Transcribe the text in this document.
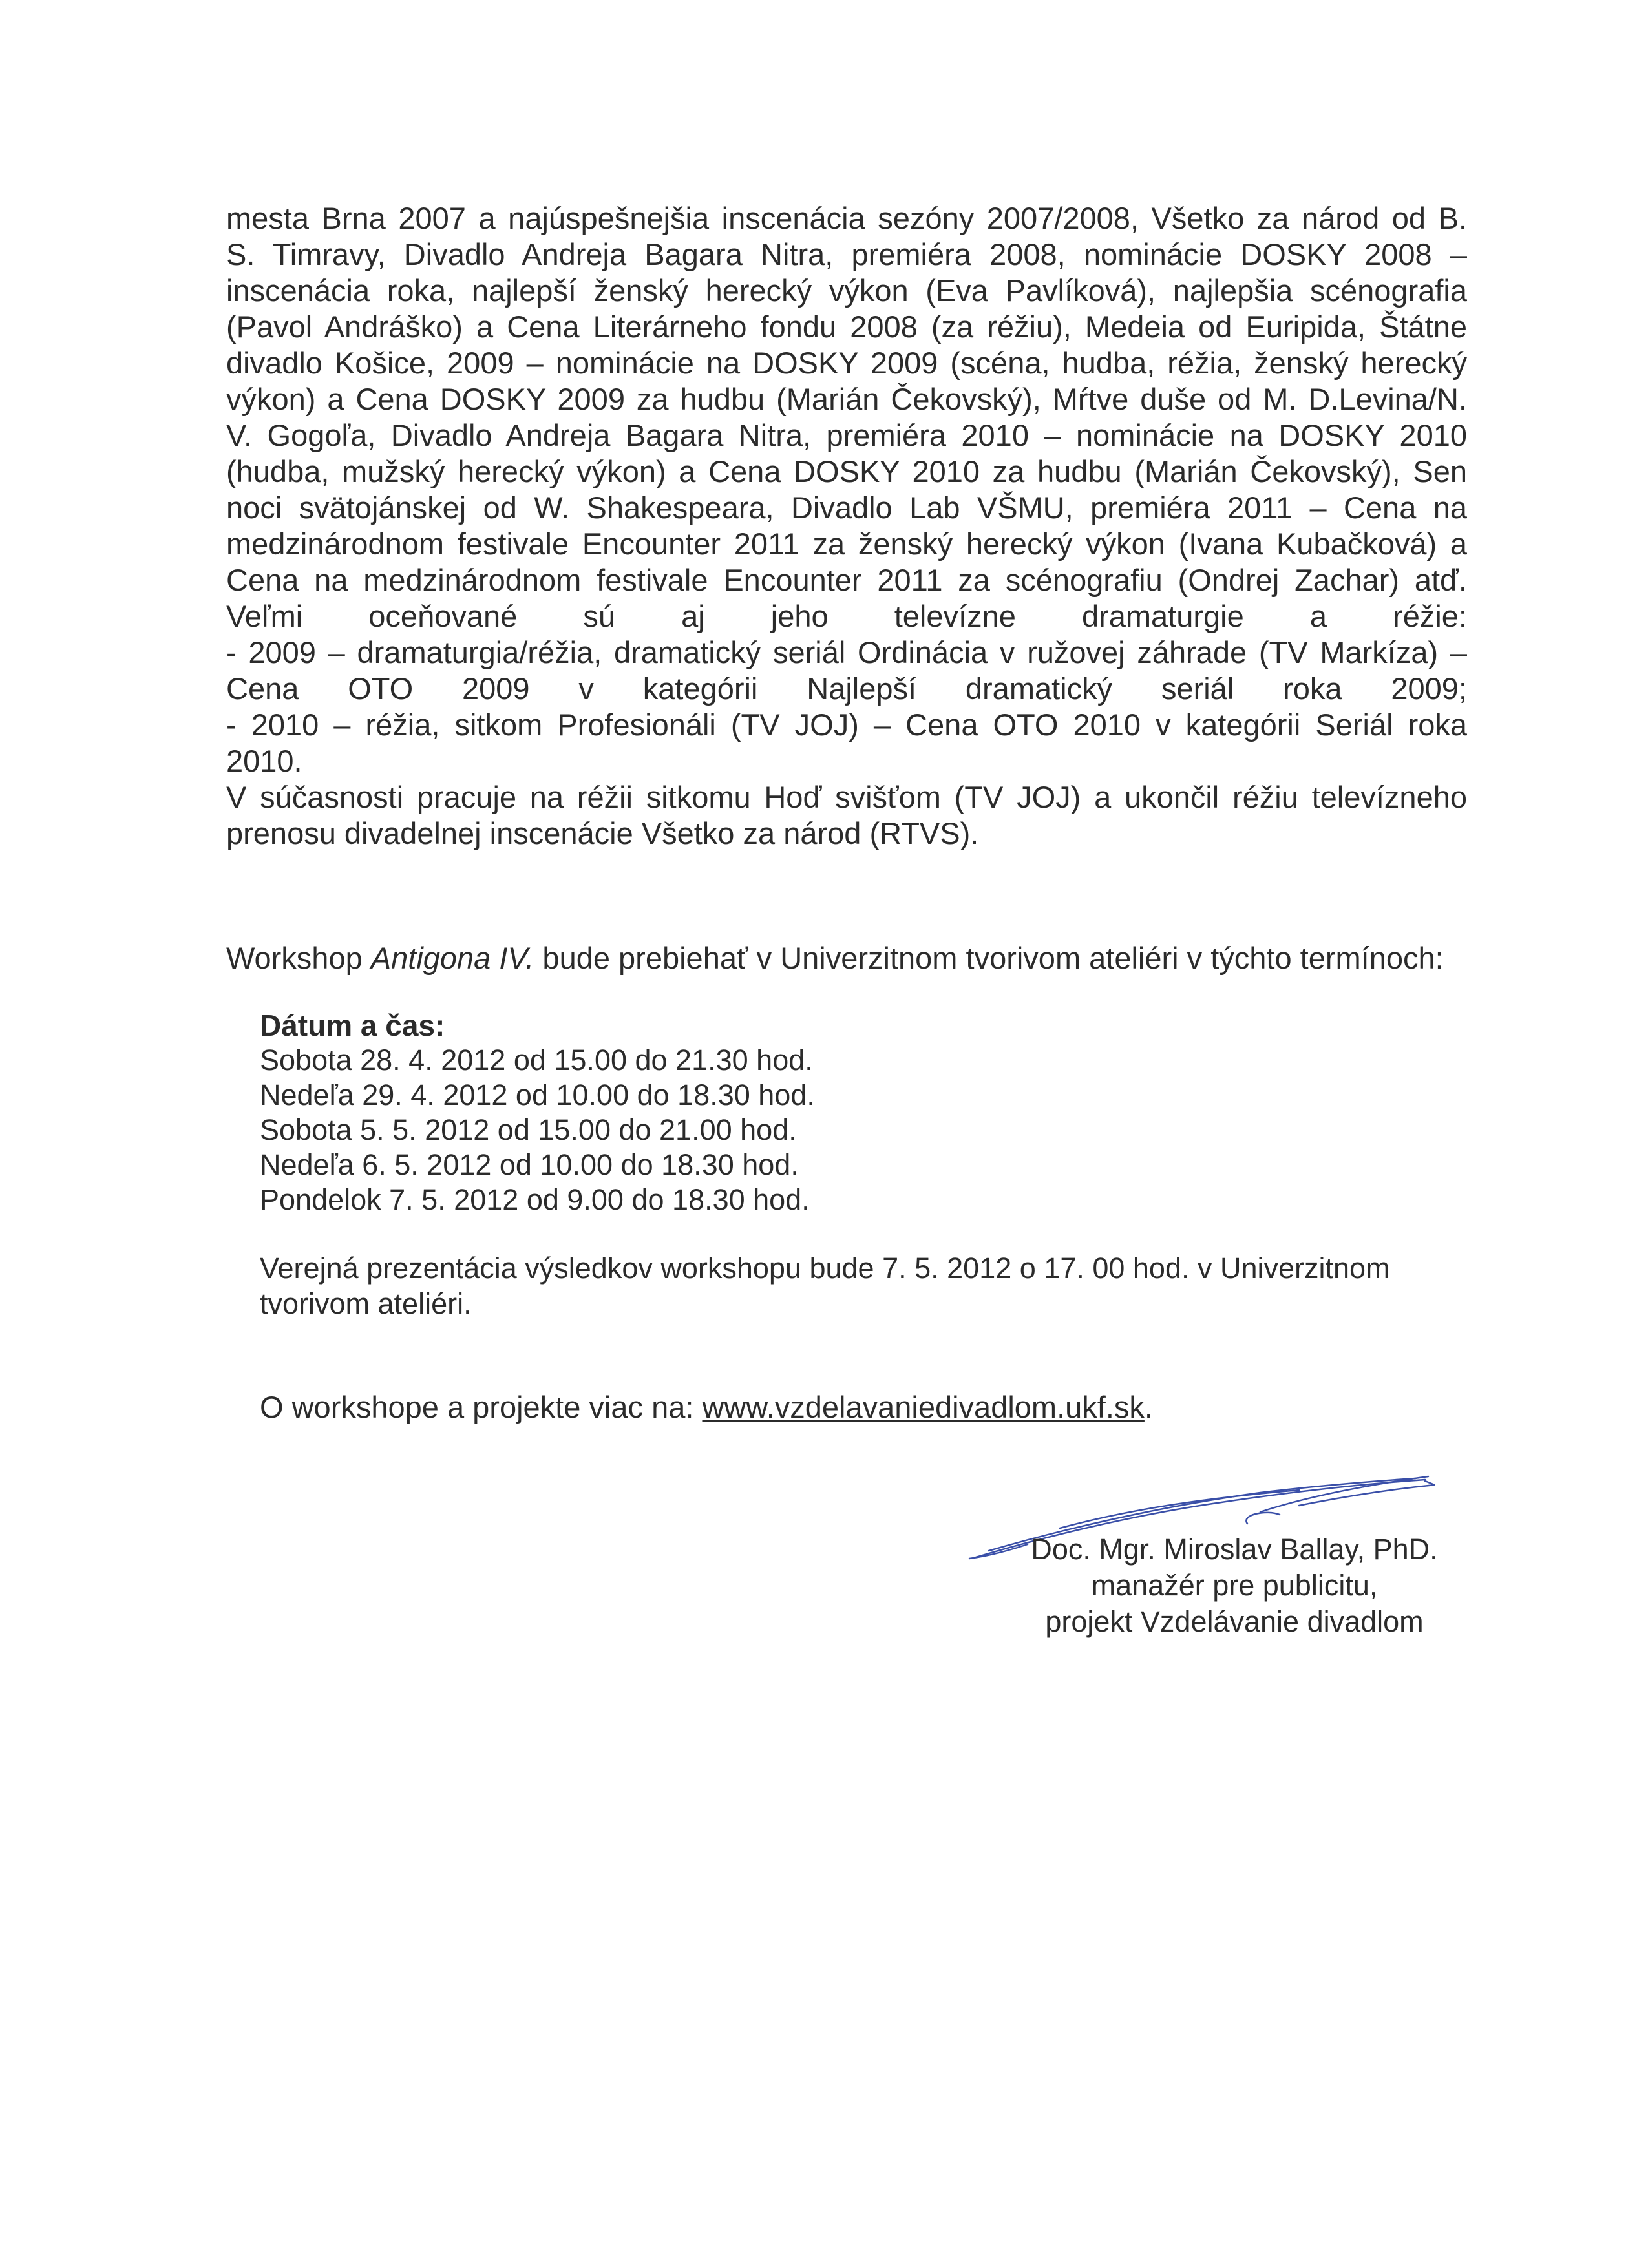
mesta Brna 2007 a najúspešnejšia inscenácia sezóny 2007/2008, Všetko za národ od B.
S. Timravy, Divadlo Andreja Bagara Nitra, premiéra 2008, nominácie DOSKY 2008 –
inscenácia roka, najlepší ženský herecký výkon (Eva Pavlíková), najlepšia scénografia
(Pavol Andráško) a Cena Literárneho fondu 2008 (za réžiu), Medeia od Euripida, Štátne
divadlo Košice, 2009 – nominácie na DOSKY 2009 (scéna, hudba, réžia, ženský herecký
výkon) a Cena DOSKY 2009 za hudbu (Marián Čekovský), Mŕtve duše od M. D.Levina/N.
V. Gogoľa, Divadlo Andreja Bagara Nitra, premiéra 2010 – nominácie na DOSKY 2010
(hudba, mužský herecký výkon) a Cena DOSKY 2010 za hudbu (Marián Čekovský), Sen
noci svätojánskej od W. Shakespeara, Divadlo Lab VŠMU, premiéra 2011 – Cena na
medzinárodnom festivale Encounter 2011 za ženský herecký výkon (Ivana Kubačková) a
Cena na medzinárodnom festivale Encounter 2011 za scénografiu (Ondrej Zachar) atď.
Veľmi oceňované sú aj jeho televízne dramaturgie a réžie:
- 2009 – dramaturgia/réžia, dramatický seriál Ordinácia v ružovej záhrade (TV Markíza) –
Cena OTO 2009 v kategórii Najlepší dramatický seriál roka 2009;
- 2010 – réžia, sitkom Profesionáli (TV JOJ) – Cena OTO 2010 v kategórii Seriál roka
2010.
V súčasnosti pracuje na réžii sitkomu Hoď svišťom (TV JOJ) a ukončil réžiu televízneho
prenosu divadelnej inscenácie Všetko za národ (RTVS).
Workshop Antigona IV. bude prebiehať v Univerzitnom tvorivom ateliéri v týchto termínoch:
Dátum a čas:
Sobota 28. 4. 2012 od 15.00 do 21.30 hod.
Nedeľa 29. 4. 2012 od 10.00 do 18.30 hod.
Sobota 5. 5. 2012 od 15.00 do 21.00 hod.
Nedeľa 6. 5. 2012 od 10.00 do 18.30 hod.
Pondelok 7. 5. 2012 od 9.00 do 18.30 hod.
Verejná prezentácia výsledkov workshopu bude 7. 5. 2012 o 17. 00 hod. v Univerzitnom
tvorivom ateliéri.
O workshope a projekte viac na: www.vzdelavaniedivadlom.ukf.sk.
Doc. Mgr. Miroslav Ballay, PhD.
manažér pre publicitu,
projekt Vzdelávanie divadlom
